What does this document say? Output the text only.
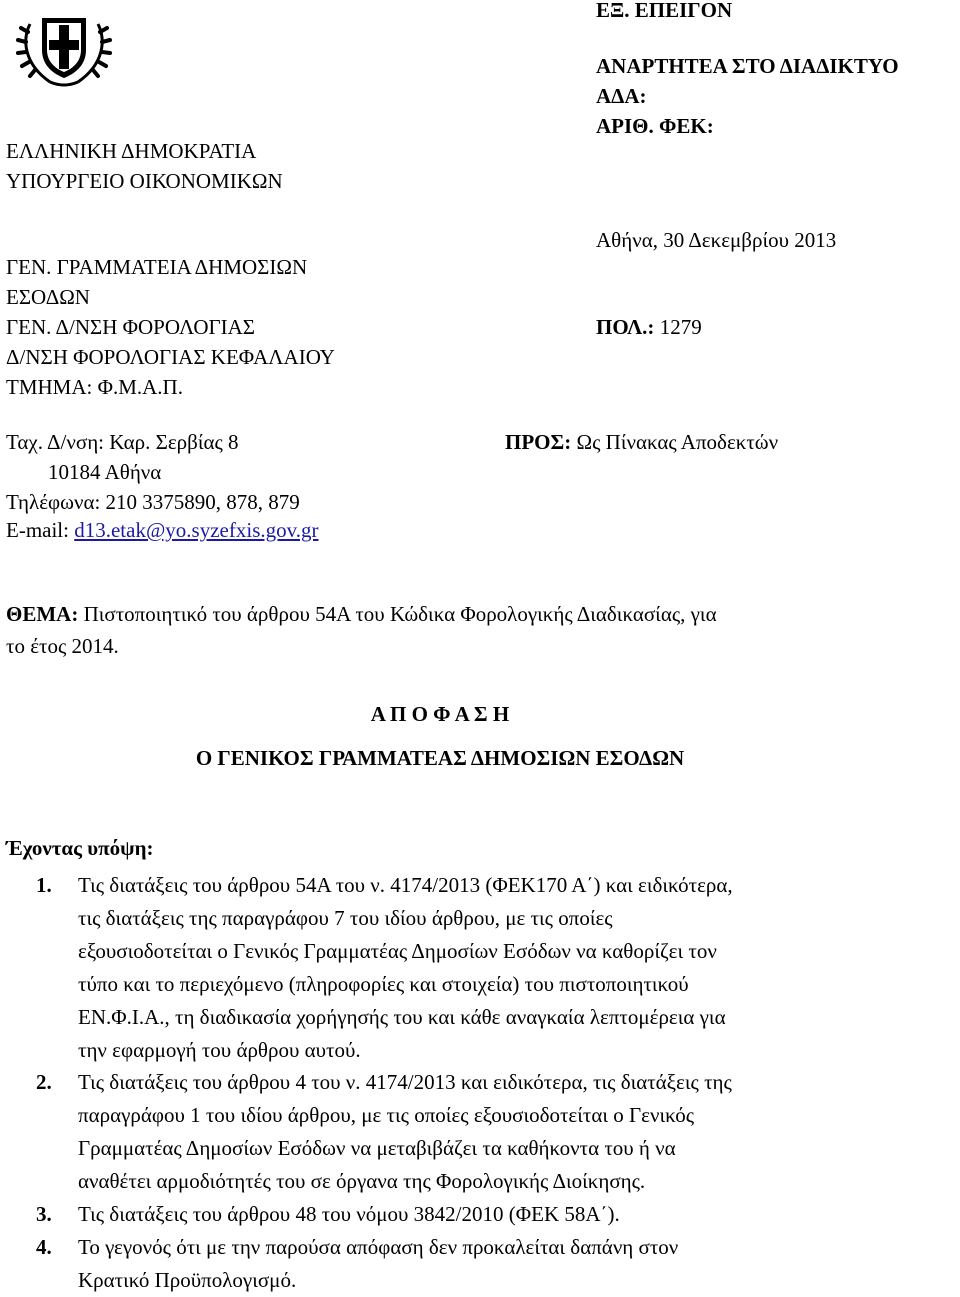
ΕΛΛΗΝΙΚΗ ΔΗΜΟΚΡΑΤΙΑ
ΥΠΟΥΡΓΕΙΟ ΟΙΚΟΝΟΜΙΚΩΝ
ΓΕΝ. ΓΡΑΜΜΑΤΕΙΑ ΔΗΜΟΣΙΩΝ
ΕΣΟΔΩΝ
ΓΕΝ. Δ/ΝΣΗ ΦΟΡΟΛΟΓΙΑΣ
Δ/ΝΣΗ ΦΟΡΟΛΟΓΙΑΣ ΚΕΦΑΛΑΙΟΥ
ΤΜΗΜΑ: Φ.Μ.Α.Π.
Ταχ. Δ/νση: Καρ. Σερβίας 8
10184 Αθήνα
Τηλέφωνα: 210 3375890, 878, 879
E-mail: d13.etak@yo.syzefxis.gov.gr
ΕΞ. ΕΠΕΙΓΟΝ
ΑΝΑΡΤΗΤΕΑ ΣΤΟ ΔΙΑΔΙΚΤΥΟ
ΑΔΑ:
ΑΡΙΘ. ΦΕΚ:
Αθήνα, 30 Δεκεμβρίου 2013
ΠΟΛ.: 1279
ΠΡΟΣ: Ως Πίνακας Αποδεκτών
ΘΕΜΑ: Πιστοποιητικό του άρθρου 54Α του Κώδικα Φορολογικής Διαδικασίας, για
το έτος 2014.
Α Π Ο Φ Α Σ Η
Ο ΓΕΝΙΚΟΣ ΓΡΑΜΜΑΤΕΑΣ ΔΗΜΟΣΙΩΝ ΕΣΟΔΩΝ
Έχοντας υπόψη:
1. Τις διατάξεις του άρθρου 54Α του ν. 4174/2013 (ΦΕΚ170 Α΄) και ειδικότερα,

τις διατάξεις της παραγράφου 7 του ιδίου άρθρου, με τις οποίες

εξουσιοδοτείται ο Γενικός Γραμματέας Δημοσίων Εσόδων να καθορίζει τον

τύπο και το περιεχόμενο (πληροφορίες και στοιχεία) του πιστοποιητικού

ΕΝ.Φ.Ι.Α., τη διαδικασία χορήγησής του και κάθε αναγκαία λεπτομέρεια για

την εφαρμογή του άρθρου αυτού.

2. Τις διατάξεις του άρθρου 4 του ν. 4174/2013 και ειδικότερα, τις διατάξεις της

παραγράφου 1 του ιδίου άρθρου, με τις οποίες εξουσιοδοτείται ο Γενικός

Γραμματέας Δημοσίων Εσόδων να μεταβιβάζει τα καθήκοντα του ή να

αναθέτει αρμοδιότητές του σε όργανα της Φορολογικής Διοίκησης.

3. Τις διατάξεις του άρθρου 48 του νόμου 3842/2010 (ΦΕΚ 58Α΄).

4. Το γεγονός ότι με την παρούσα απόφαση δεν προκαλείται δαπάνη στον

Κρατικό Προϋπολογισμό.
